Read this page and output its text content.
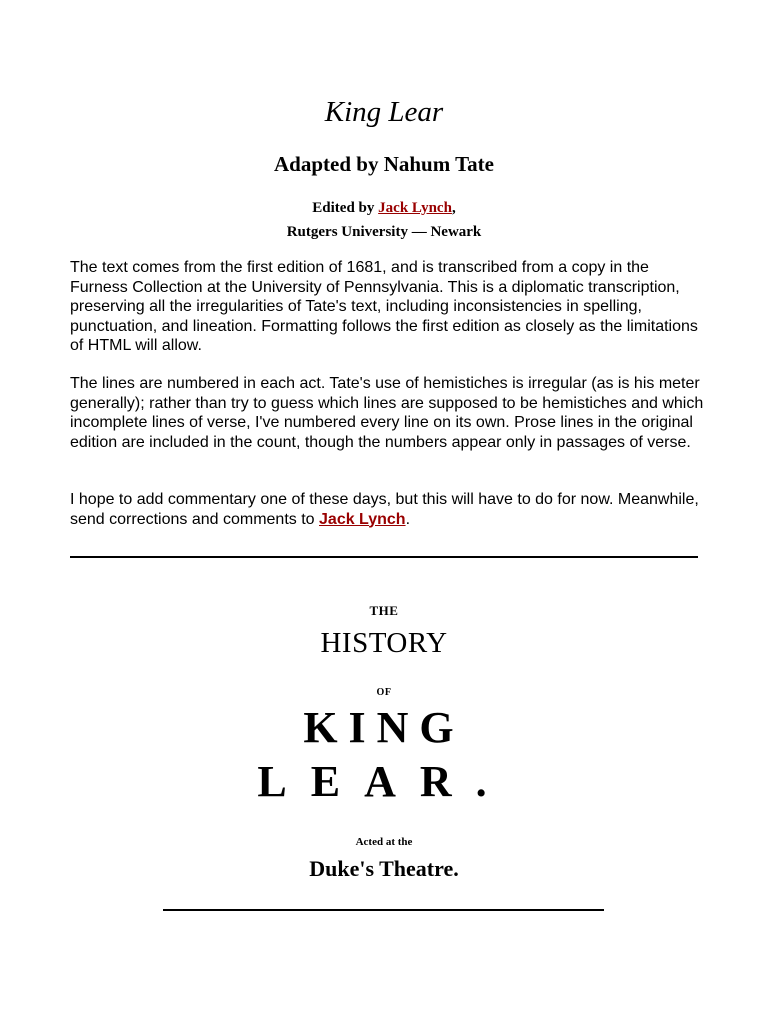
King Lear
Adapted by Nahum Tate
Edited by Jack Lynch,
Rutgers University — Newark

The text comes from the first edition of 1681, and is transcribed from a copy in the Furness Collection at the University of Pennsylvania. This is a diplomatic transcription, preserving all the irregularities of Tate's text, including inconsistencies in spelling, punctuation, and lineation. Formatting follows the first edition as closely as the limitations of HTML will allow.

The lines are numbered in each act. Tate's use of hemistiches is irregular (as is his meter generally); rather than try to guess which lines are supposed to be hemistiches and which incomplete lines of verse, I've numbered every line on its own. Prose lines in the original edition are included in the count, though the numbers appear only in passages of verse.

I hope to add commentary one of these days, but this will have to do for now. Meanwhile, send corrections and comments to Jack Lynch.

THE
HISTORY
OF
KING
LEAR.
Acted at the
Duke's Theatre.
